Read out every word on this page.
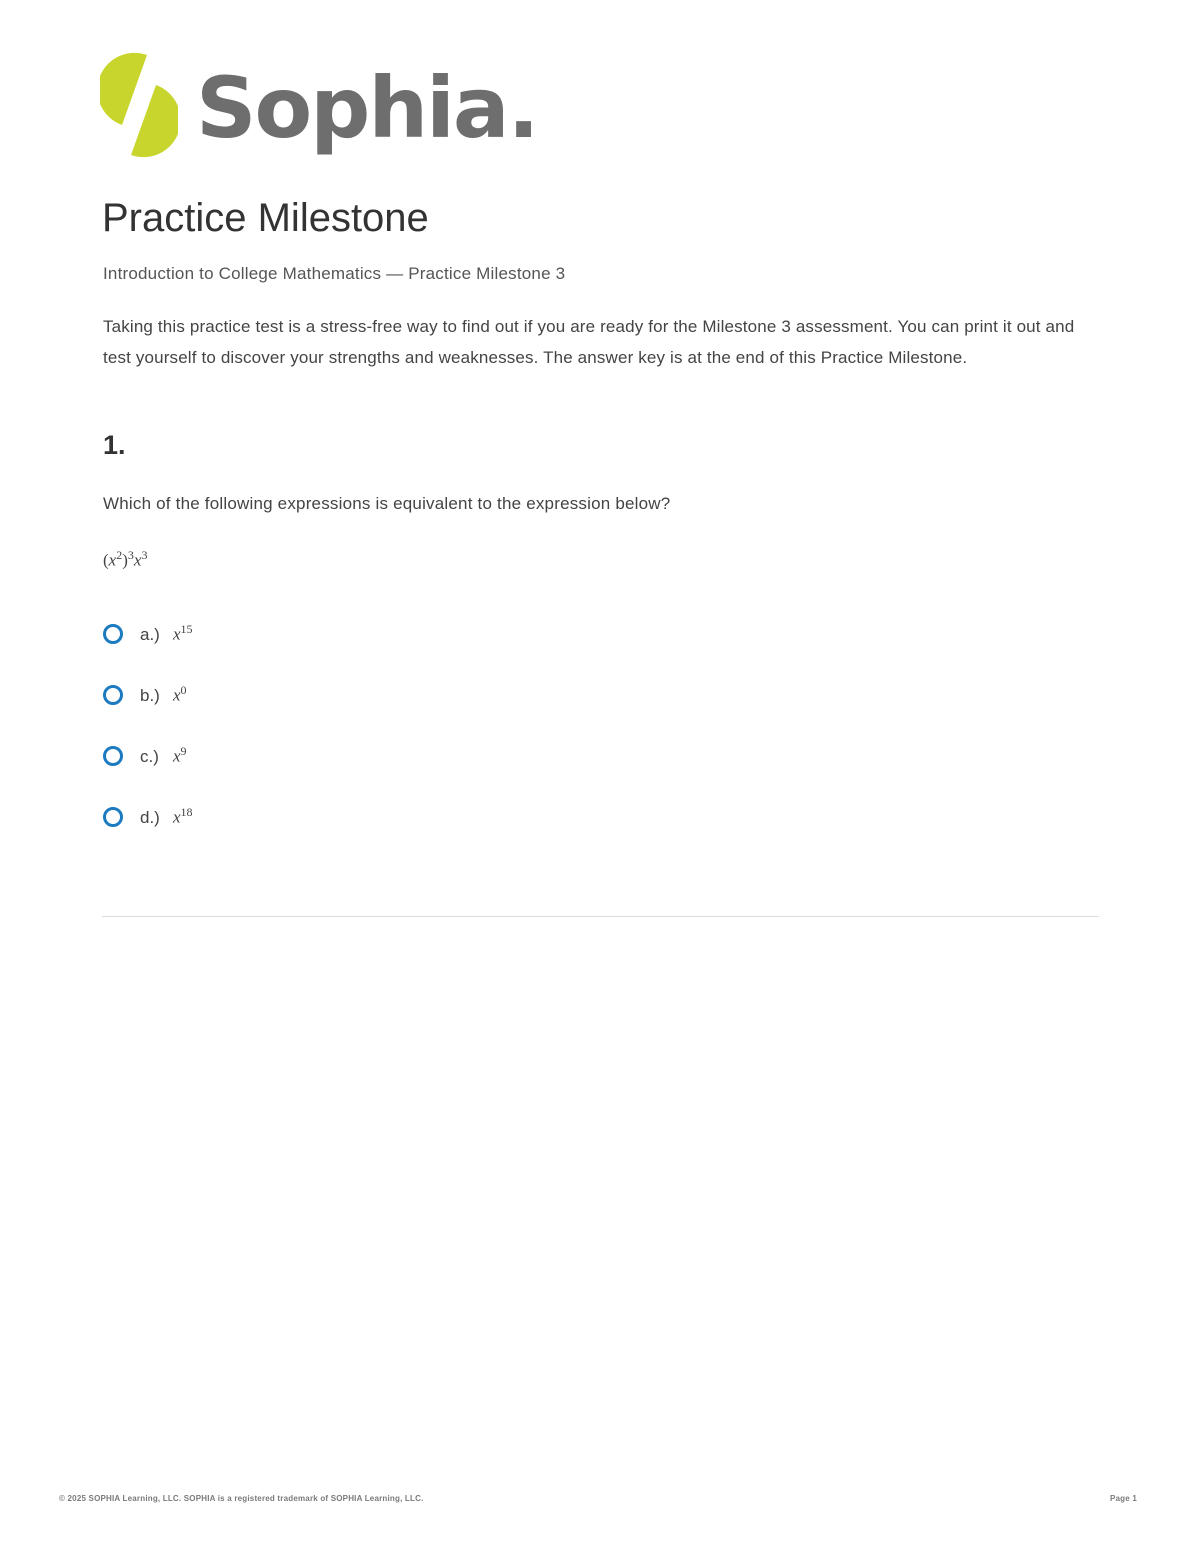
Sophia.
Practice Milestone
Introduction to College Mathematics — Practice Milestone 3

Taking this practice test is a stress-free way to find out if you are ready for the Milestone 3 assessment. You can print it out and test yourself to discover your strengths and weaknesses. The answer key is at the end of this Practice Milestone.

1.
Which of the following expressions is equivalent to the expression below?
$(x^2)^3x^3$
a.) $x^{15}$
b.) $x^0$
c.) $x^9$
d.) $x^{18}$
© 2025 SOPHIA Learning, LLC. SOPHIA is a registered trademark of SOPHIA Learning, LLC.	Page 1
